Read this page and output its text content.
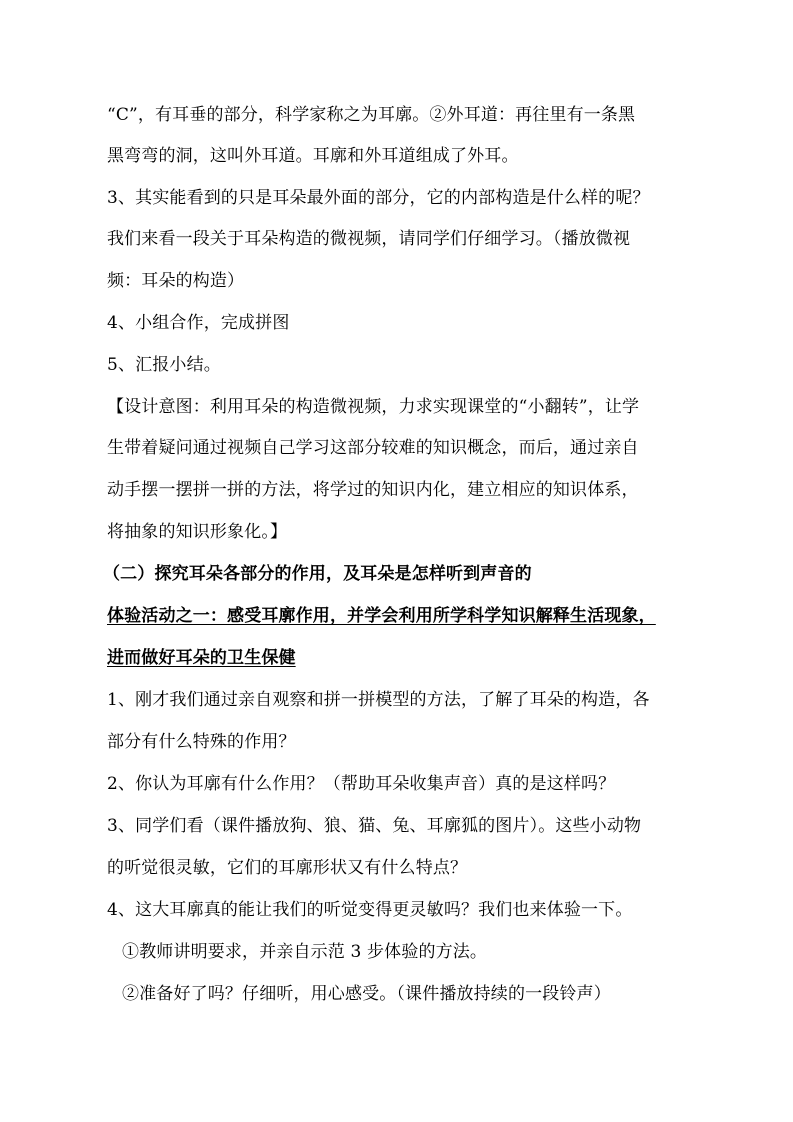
“C”，有耳垂的部分，科学家称之为耳廓。②外耳道：再往里有一条黑
黑弯弯的洞，这叫外耳道。耳廓和外耳道组成了外耳。
3、其实能看到的只是耳朵最外面的部分，它的内部构造是什么样的呢？
我们来看一段关于耳朵构造的微视频，请同学们仔细学习。（播放微视
频：耳朵的构造）
4、小组合作，完成拼图
5、汇报小结。
【设计意图：利用耳朵的构造微视频，力求实现课堂的“小翻转”，让学
生带着疑问通过视频自己学习这部分较难的知识概念，而后，通过亲自
动手摆一摆拼一拼的方法，将学过的知识内化，建立相应的知识体系，
将抽象的知识形象化。】
（二）探究耳朵各部分的作用，及耳朵是怎样听到声音的
体验活动之一：感受耳廓作用，并学会利用所学科学知识解释生活现象，
进而做好耳朵的卫生保健
1、刚才我们通过亲自观察和拼一拼模型的方法，了解了耳朵的构造，各
部分有什么特殊的作用？
2、你认为耳廓有什么作用？（帮助耳朵收集声音）真的是这样吗？
3、同学们看（课件播放狗、狼、猫、兔、耳廓狐的图片）。这些小动物
的听觉很灵敏，它们的耳廓形状又有什么特点？
4、这大耳廓真的能让我们的听觉变得更灵敏吗？我们也来体验一下。
①教师讲明要求，并亲自示范 3 步体验的方法。
②准备好了吗？仔细听，用心感受。（课件播放持续的一段铃声）
